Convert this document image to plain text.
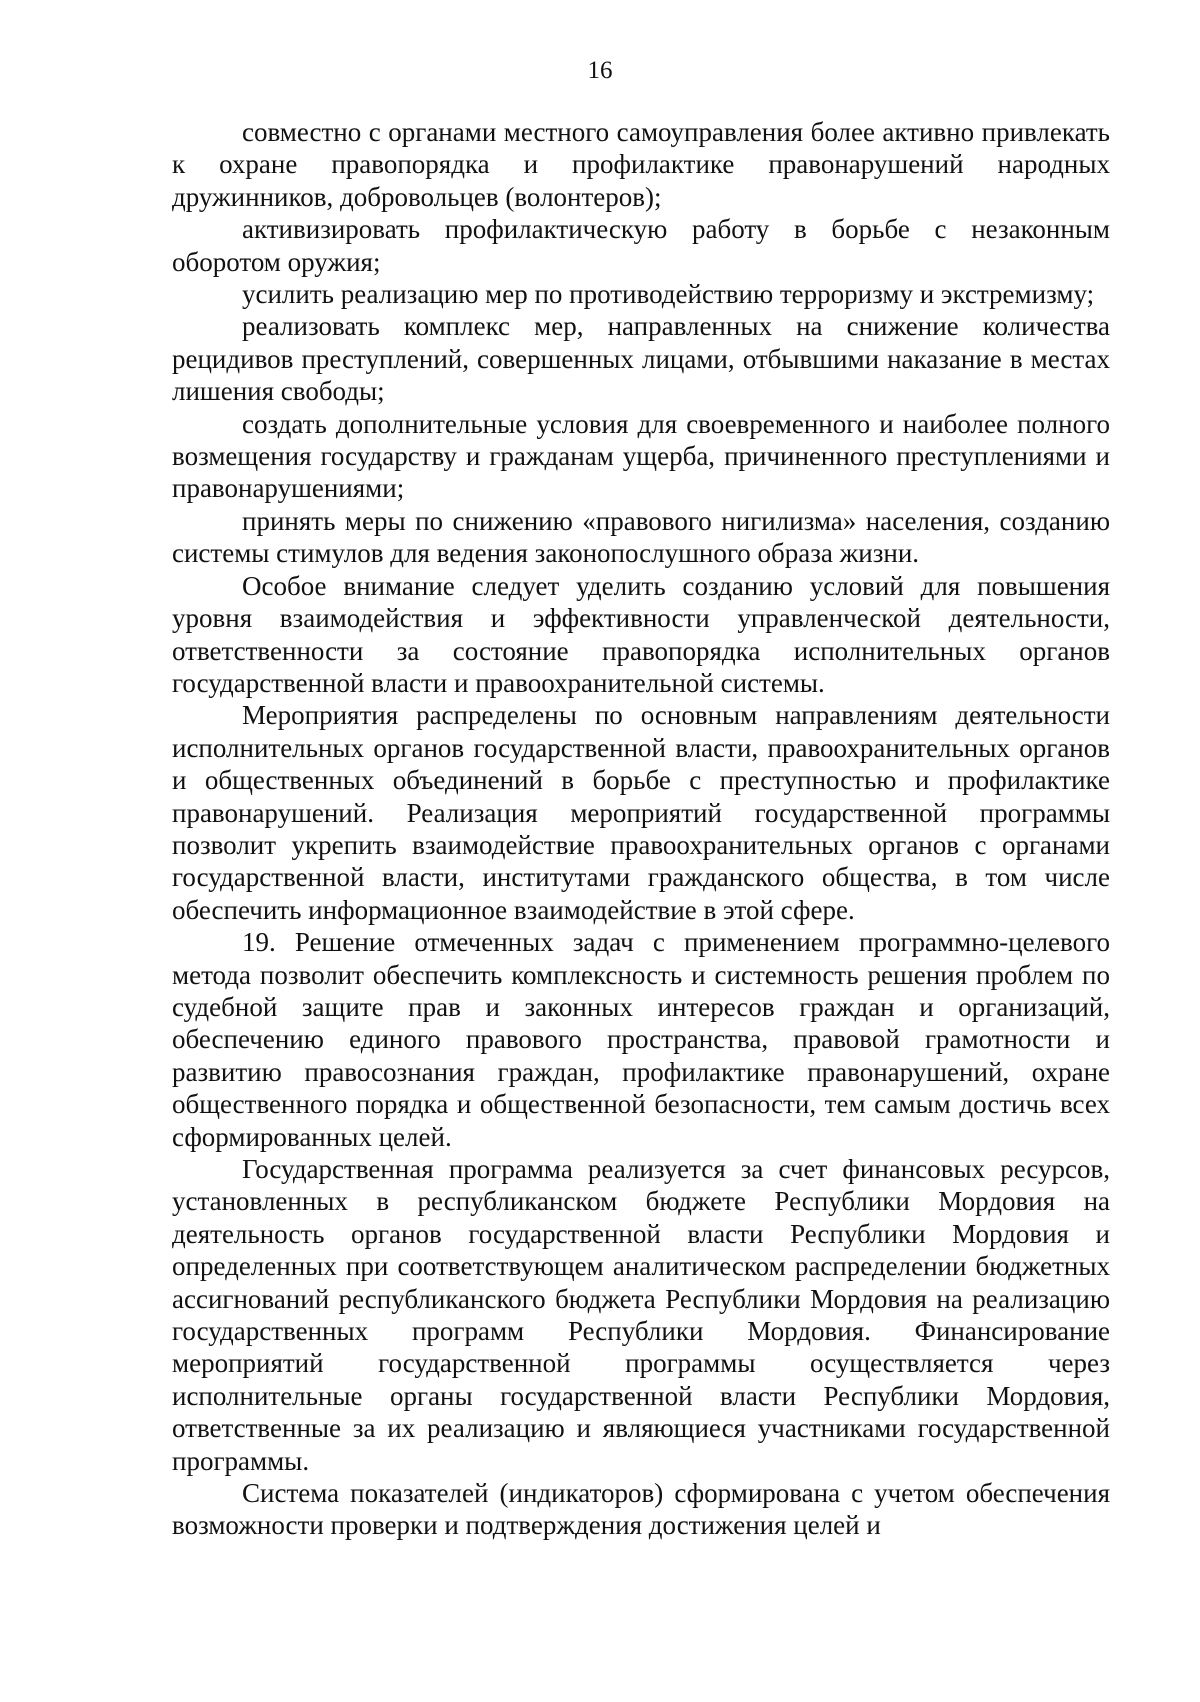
16

совместно с органами местного самоуправления более активно привлекать к охране правопорядка и профилактике правонарушений народных дружинников, добровольцев (волонтеров);

активизировать профилактическую работу в борьбе с незаконным оборотом оружия;

усилить реализацию мер по противодействию терроризму и экстремизму;

реализовать комплекс мер, направленных на снижение количества рецидивов преступлений, совершенных лицами, отбывшими наказание в местах лишения свободы;

создать дополнительные условия для своевременного и наиболее полного возмещения государству и гражданам ущерба, причиненного преступлениями и правонарушениями;

принять меры по снижению «правового нигилизма» населения, созданию системы стимулов для ведения законопослушного образа жизни.

Особое внимание следует уделить созданию условий для повышения уровня взаимодействия и эффективности управленческой деятельности, ответственности за состояние правопорядка исполнительных органов государственной власти и правоохранительной системы.

Мероприятия распределены по основным направлениям деятельности исполнительных органов государственной власти, правоохранительных органов и общественных объединений в борьбе с преступностью и профилактике правонарушений. Реализация мероприятий государственной программы позволит укрепить взаимодействие правоохранительных органов с органами государственной власти, институтами гражданского общества, в том числе обеспечить информационное взаимодействие в этой сфере.

19. Решение отмеченных задач с применением программно-целевого метода позволит обеспечить комплексность и системность решения проблем по судебной защите прав и законных интересов граждан и организаций, обеспечению единого правового пространства, правовой грамотности и развитию правосознания граждан, профилактике правонарушений, охране общественного порядка и общественной безопасности, тем самым достичь всех сформированных целей.

Государственная программа реализуется за счет финансовых ресурсов, установленных в республиканском бюджете Республики Мордовия на деятельность органов государственной власти Республики Мордовия и определенных при соответствующем аналитическом распределении бюджетных ассигнований республиканского бюджета Республики Мордовия на реализацию государственных программ Республики Мордовия. Финансирование мероприятий государственной программы осуществляется через исполнительные органы государственной власти Республики Мордовия, ответственные за их реализацию и являющиеся участниками государственной программы.

Система показателей (индикаторов) сформирована с учетом обеспечения возможности проверки и подтверждения достижения целей и
